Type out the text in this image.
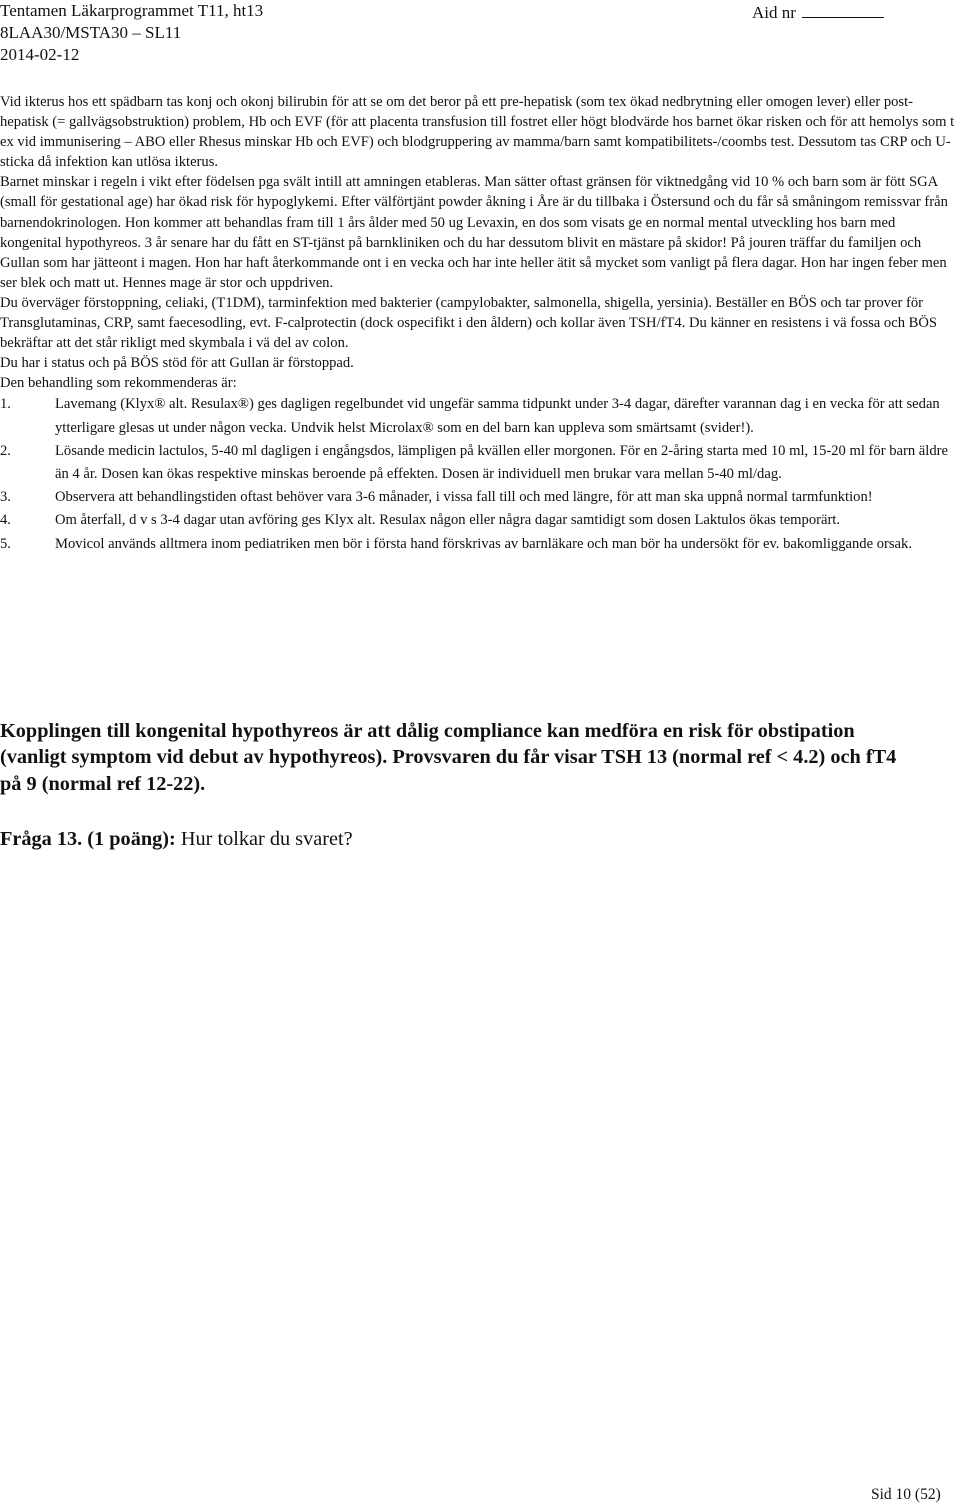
Tentamen Läkarprogrammet T11, ht13
8LAA30/MSTA30 – SL11
2014-02-12
Aid nr

Vid ikterus hos ett spädbarn tas konj och okonj bilirubin för att se om det beror på ett pre-hepatisk (som tex ökad nedbrytning eller omogen lever) eller post-hepatisk (= gallvägsobstruktion) problem, Hb och EVF (för att placenta transfusion till fostret eller högt blodvärde hos barnet ökar risken och för att hemolys som t ex vid immunisering – ABO eller Rhesus minskar Hb och EVF) och blodgruppering av mamma/barn samt kompatibilitets-/coombs test. Dessutom tas CRP och U-sticka då infektion kan utlösa ikterus.

Barnet minskar i regeln i vikt efter födelsen pga svält intill att amningen etableras. Man sätter oftast gränsen för viktnedgång vid 10 % och barn som är fött SGA (small för gestational age) har ökad risk för hypoglykemi. Efter välförtjänt powder åkning i Åre är du tillbaka i Östersund och du får så småningom remissvar från barnendokrinologen. Hon kommer att behandlas fram till 1 års ålder med 50 ug Levaxin, en dos som visats ge en normal mental utveckling hos barn med kongenital hypothyreos. 3 år senare har du fått en ST-tjänst på barnkliniken och du har dessutom blivit en mästare på skidor! På jouren träffar du familjen och Gullan som har jätteont i magen. Hon har haft återkommande ont i en vecka och har inte heller ätit så mycket som vanligt på flera dagar. Hon har ingen feber men ser blek och matt ut. Hennes mage är stor och uppdriven.

Du överväger förstoppning, celiaki, (T1DM), tarminfektion med bakterier (campylobakter, salmonella, shigella, yersinia). Beställer en BÖS och tar prover för Transglutaminas, CRP, samt faecesodling, evt. F-calprotectin (dock ospecifikt i den åldern) och kollar även TSH/fT4. Du känner en resistens i vä fossa och BÖS bekräftar att det står rikligt med skymbala i vä del av colon.

Du har i status och på BÖS stöd för att Gullan är förstoppad.

Den behandling som rekommenderas är:

1.	Lavemang (Klyx® alt. Resulax®) ges dagligen regelbundet vid ungefär samma tidpunkt under 3-4 dagar, därefter varannan dag i en vecka för att sedan ytterligare glesas ut under någon vecka. Undvik helst Microlax® som en del barn kan uppleva som smärtsamt (svider!).
2.	Lösande medicin lactulos, 5-40 ml dagligen i engångsdos, lämpligen på kvällen eller morgonen. För en 2-åring starta med 10 ml, 15-20 ml för barn äldre än 4 år. Dosen kan ökas respektive minskas beroende på effekten. Dosen är individuell men brukar vara mellan 5-40 ml/dag.
3.	Observera att behandlingstiden oftast behöver vara 3-6 månader, i vissa fall till och med längre, för att man ska uppnå normal tarmfunktion!
4.	Om återfall, d v s 3-4 dagar utan avföring ges Klyx alt. Resulax någon eller några dagar samtidigt som dosen Laktulos ökas temporärt.
5.	Movicol används alltmera inom pediatriken men bör i första hand förskrivas av barnläkare och man bör ha undersökt för ev. bakomliggande orsak.
Kopplingen till kongenital hypothyreos är att dålig compliance kan medföra en risk för obstipation (vanligt symptom vid debut av hypothyreos). Provsvaren du får visar TSH 13 (normal ref < 4.2) och fT4 på 9 (normal ref 12-22).
Fråga 13. (1 poäng): Hur tolkar du svaret?
Sid 10 (52)
